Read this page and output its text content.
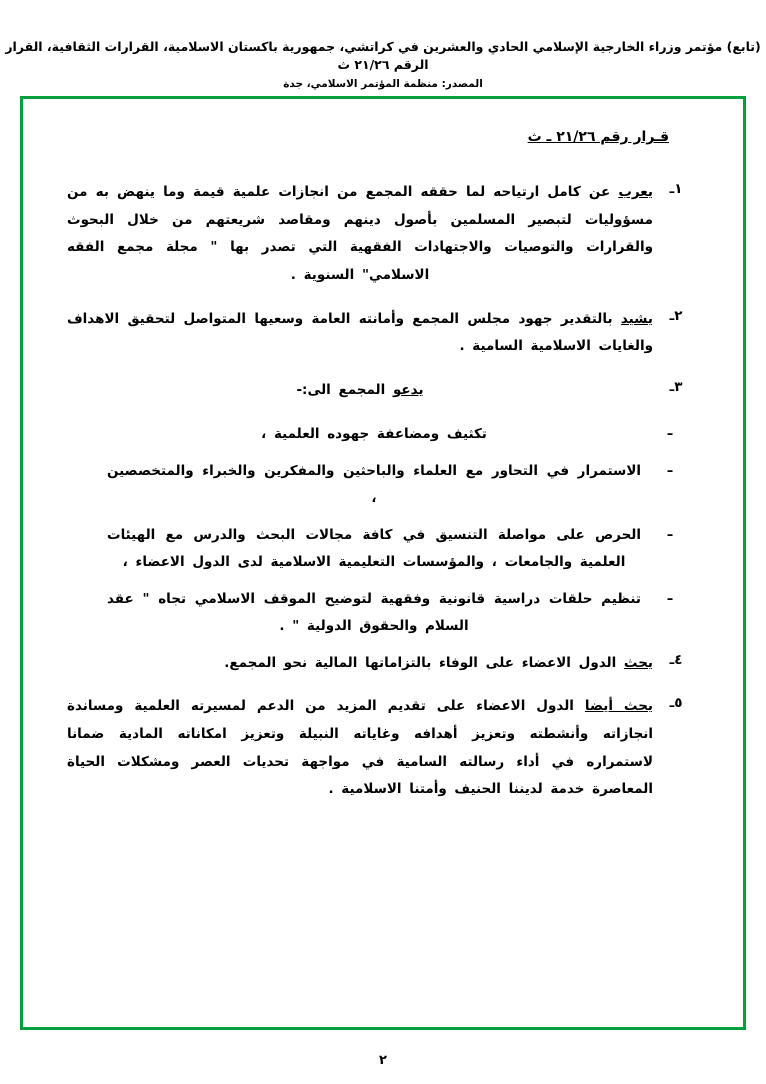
(تابع) مؤتمر وزراء الخارجية الإسلامي الحادي والعشرين في كراتشي، جمهورية باكستان الاسلامية، القرارات الثقافية، القرار الرقم ٢١/٢٦ ث
المصدر: منظمة المؤتمر الاسلامي، جدة
قـرار رقم ٢١/٢٦ ـ ث
١ـ
يعرب عن كامل ارتياحه لما حققه المجمع من انجازات علمية قيمة وما ينهض به من مسؤوليات لتبصير المسلمين بأصول دينهم ومقاصد شريعتهم من خلال البحوث والقرارات والتوصيات والاجتهادات الفقهية التي تصدر بها " مجلة مجمع الفقه الاسلامي" السنوية .
٢ـ
يشيد بالتقدير جهود مجلس المجمع وأمانته العامة وسعيها المتواصل لتحقيق الاهداف والغايات الاسلامية السامية .
٣ـ
يدعو المجمع الى:-
ـ
تكثيف ومضاعفة جهوده العلمية ،
ـ
الاستمرار في التحاور مع العلماء والباحثين والمفكرين والخبراء والمتخصصين ،
ـ
الحرص على مواصلة التنسيق في كافة مجالات البحث والدرس مع الهيئات العلمية والجامعات ، والمؤسسات التعليمية الاسلامية لدى الدول الاعضاء ،
ـ
تنظيم حلقات دراسية قانونية وفقهية لتوضيح الموقف الاسلامي تجاه " عقد السلام والحقوق الدولية " .
٤ـ
يحث الدول الاعضاء على الوفاء بالتزاماتها المالية نحو المجمع.
٥ـ
يحث أيضا الدول الاعضاء على تقديم المزيد من الدعم لمسيرته العلمية ومساندة انجازاته وأنشطته وتعزيز أهدافه وغاياته النبيلة وتعزيز امكاناته المادية ضمانا لاستمراره في أداء رسالته السامية في مواجهة تحديات العصر ومشكلات الحياة المعاصرة خدمة لديننا الحنيف وأمتنا الاسلامية .
٢
